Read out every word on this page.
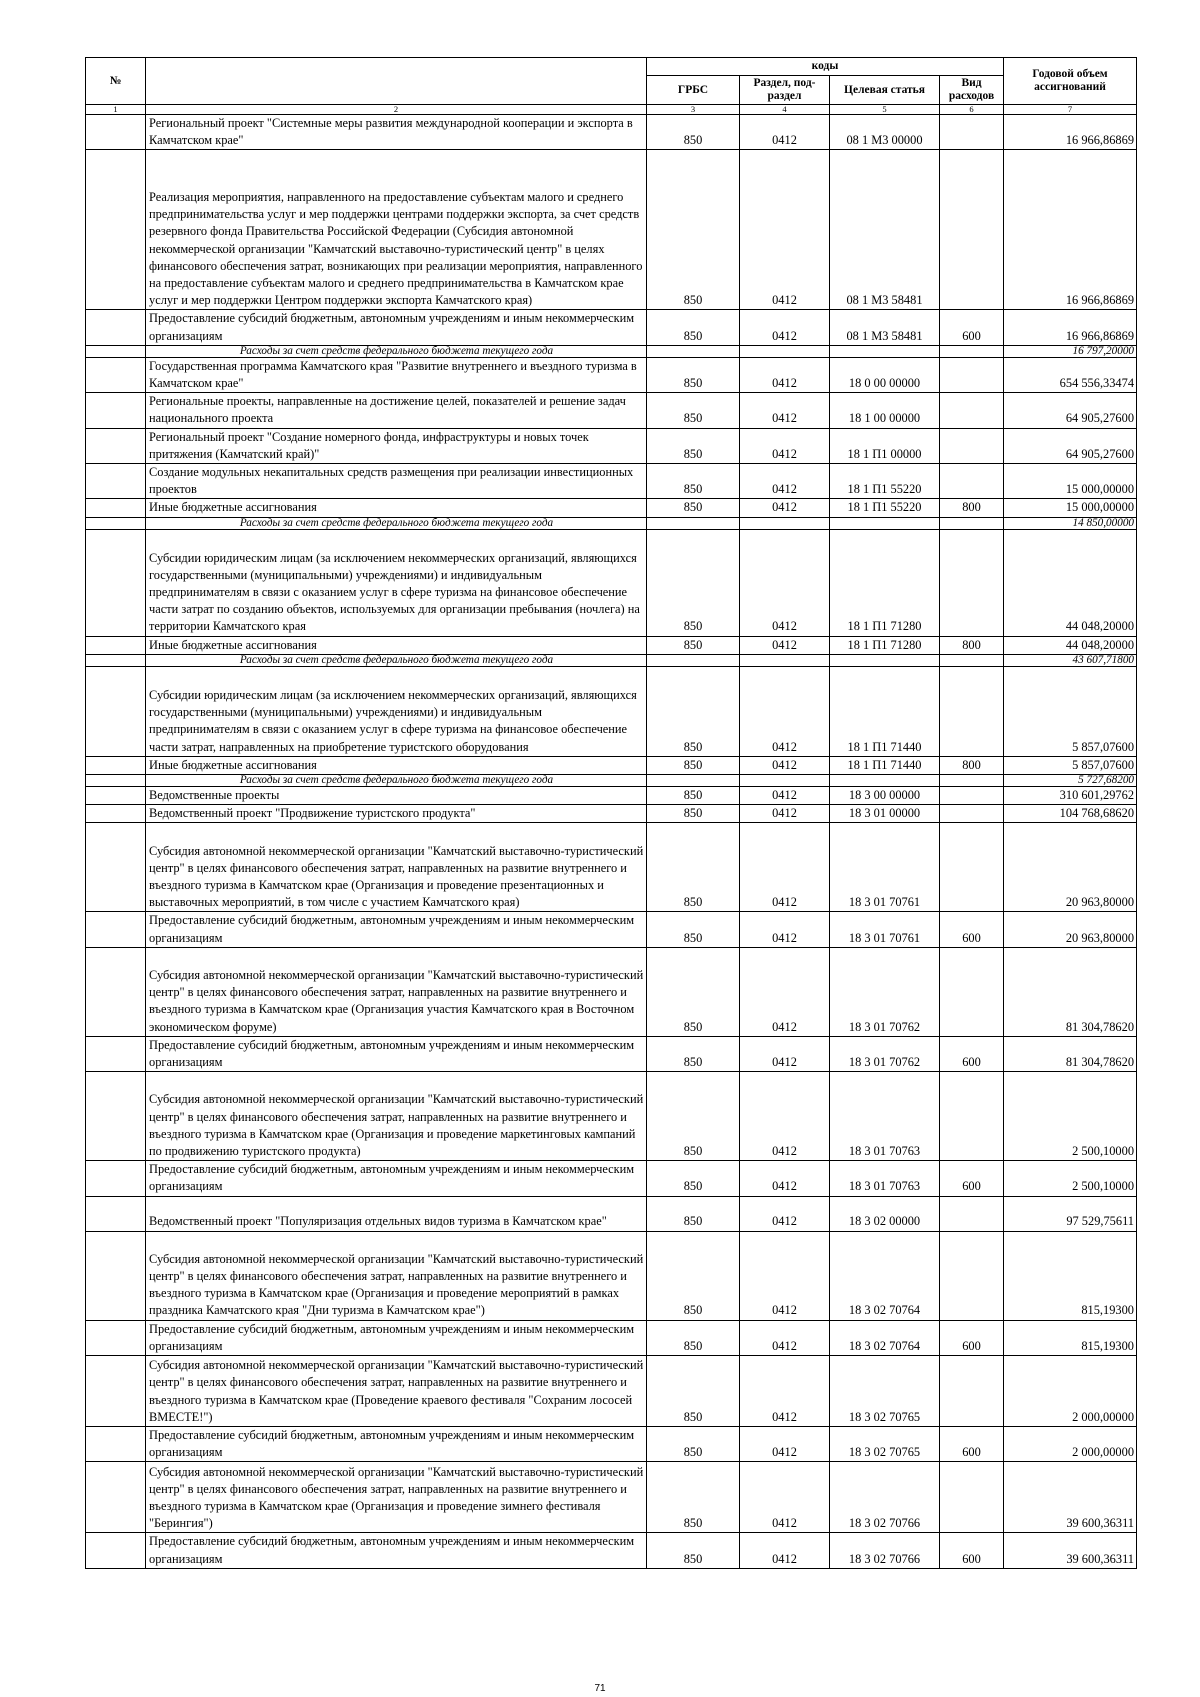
№		коды				Годовой объем ассигнований
		ГРБС	Раздел, под-раздел	Целевая статья	Вид расходов	
1	2	3	4	5	6	7
	Региональный проект "Системные меры развития международной кооперации и экспорта в Камчатском крае"	850	0412	08 1 M3 00000		16 966,86869
	Реализация мероприятия, направленного на предоставление субъектам малого и среднего предпринимательства услуг и мер поддержки центрами поддержки экспорта, за счет средств резервного фонда Правительства Российской Федерации (Субсидия автономной некоммерческой организации "Камчатский выставочно-туристический центр" в целях финансового обеспечения затрат, возникающих при реализации мероприятия, направленного на предоставление субъектам малого и среднего предпринимательства в Камчатском крае услуг и мер поддержки Центром поддержки экспорта Камчатского края)	850	0412	08 1 M3 58481		16 966,86869
	Предоставление субсидий бюджетным, автономным учреждениям и иным некоммерческим организациям	850	0412	08 1 M3 58481	600	16 966,86869
	Расходы за счет средств федерального бюджета текущего года					16 797,20000
	Государственная программа Камчатского края "Развитие внутреннего и въездного туризма в Камчатском крае"	850	0412	18 0 00 00000		654 556,33474
	Региональные проекты, направленные на достижение целей, показателей и решение задач национального проекта	850	0412	18 1 00 00000		64 905,27600
	Региональный проект "Создание номерного фонда, инфраструктуры и новых точек притяжения (Камчатский край)"	850	0412	18 1 П1 00000		64 905,27600
	Создание модульных некапитальных средств размещения при реализации инвестиционных проектов	850	0412	18 1 П1 55220		15 000,00000
	Иные бюджетные ассигнования	850	0412	18 1 П1 55220	800	15 000,00000
	Расходы за счет средств федерального бюджета текущего года					14 850,00000
	Субсидии юридическим лицам (за исключением некоммерческих организаций, являющихся государственными (муниципальными) учреждениями) и индивидуальным предпринимателям в связи с оказанием услуг в сфере туризма на финансовое обеспечение части затрат по созданию объектов, используемых для организации пребывания (ночлега) на территории Камчатского края	850	0412	18 1 П1 71280		44 048,20000
	Иные бюджетные ассигнования	850	0412	18 1 П1 71280	800	44 048,20000
	Расходы за счет средств федерального бюджета текущего года					43 607,71800
	Субсидии юридическим лицам (за исключением некоммерческих организаций, являющихся государственными (муниципальными) учреждениями) и индивидуальным предпринимателям в связи с оказанием услуг в сфере туризма на финансовое обеспечение части затрат, направленных на приобретение туристского оборудования	850	0412	18 1 П1 71440		5 857,07600
	Иные бюджетные ассигнования	850	0412	18 1 П1 71440	800	5 857,07600
	Расходы за счет средств федерального бюджета текущего года					5 727,68200
	Ведомственные проекты	850	0412	18 3 00 00000		310 601,29762
	Ведомственный проект "Продвижение туристского продукта"	850	0412	18 3 01 00000		104 768,68620
	Субсидия автономной некоммерческой организации "Камчатский выставочно-туристический центр" в целях финансового обеспечения затрат, направленных на развитие внутреннего и въездного туризма в Камчатском крае (Организация и проведение презентационных и выставочных мероприятий, в том числе с участием Камчатского края)	850	0412	18 3 01 70761		20 963,80000
	Предоставление субсидий бюджетным, автономным учреждениям и иным некоммерческим организациям	850	0412	18 3 01 70761	600	20 963,80000
	Субсидия автономной некоммерческой организации "Камчатский выставочно-туристический центр" в целях финансового обеспечения затрат, направленных на развитие внутреннего и въездного туризма в Камчатском крае (Организация участия Камчатского края в Восточном экономическом форуме)	850	0412	18 3 01 70762		81 304,78620
	Предоставление субсидий бюджетным, автономным учреждениям и иным некоммерческим организациям	850	0412	18 3 01 70762	600	81 304,78620
	Субсидия автономной некоммерческой организации "Камчатский выставочно-туристический центр" в целях финансового обеспечения затрат, направленных на развитие внутреннего и въездного туризма в Камчатском крае (Организация и проведение маркетинговых кампаний по продвижению туристского продукта)	850	0412	18 3 01 70763		2 500,10000
	Предоставление субсидий бюджетным, автономным учреждениям и иным некоммерческим организациям	850	0412	18 3 01 70763	600	2 500,10000
	Ведомственный проект "Популяризация отдельных видов туризма в Камчатском крае"	850	0412	18 3 02 00000		97 529,75611
	Субсидия автономной некоммерческой организации "Камчатский выставочно-туристический центр" в целях финансового обеспечения затрат, направленных на развитие внутреннего и въездного туризма в Камчатском крае (Организация и проведение мероприятий в рамках праздника Камчатского края "Дни туризма в Камчатском крае")	850	0412	18 3 02 70764		815,19300
	Предоставление субсидий бюджетным, автономным учреждениям и иным некоммерческим организациям	850	0412	18 3 02 70764	600	815,19300
	Субсидия автономной некоммерческой организации "Камчатский выставочно-туристический центр" в целях финансового обеспечения затрат, направленных на развитие внутреннего и въездного туризма в Камчатском крае (Проведение краевого фестиваля "Сохраним лососей ВМЕСТЕ!")	850	0412	18 3 02 70765		2 000,00000
	Предоставление субсидий бюджетным, автономным учреждениям и иным некоммерческим организациям	850	0412	18 3 02 70765	600	2 000,00000
	Субсидия автономной некоммерческой организации "Камчатский выставочно-туристический центр" в целях финансового обеспечения затрат, направленных на развитие внутреннего и въездного туризма в Камчатском крае (Организация и проведение зимнего фестиваля "Берингия")	850	0412	18 3 02 70766		39 600,36311
	Предоставление субсидий бюджетным, автономным учреждениям и иным некоммерческим организациям	850	0412	18 3 02 70766	600	39 600,36311
71
